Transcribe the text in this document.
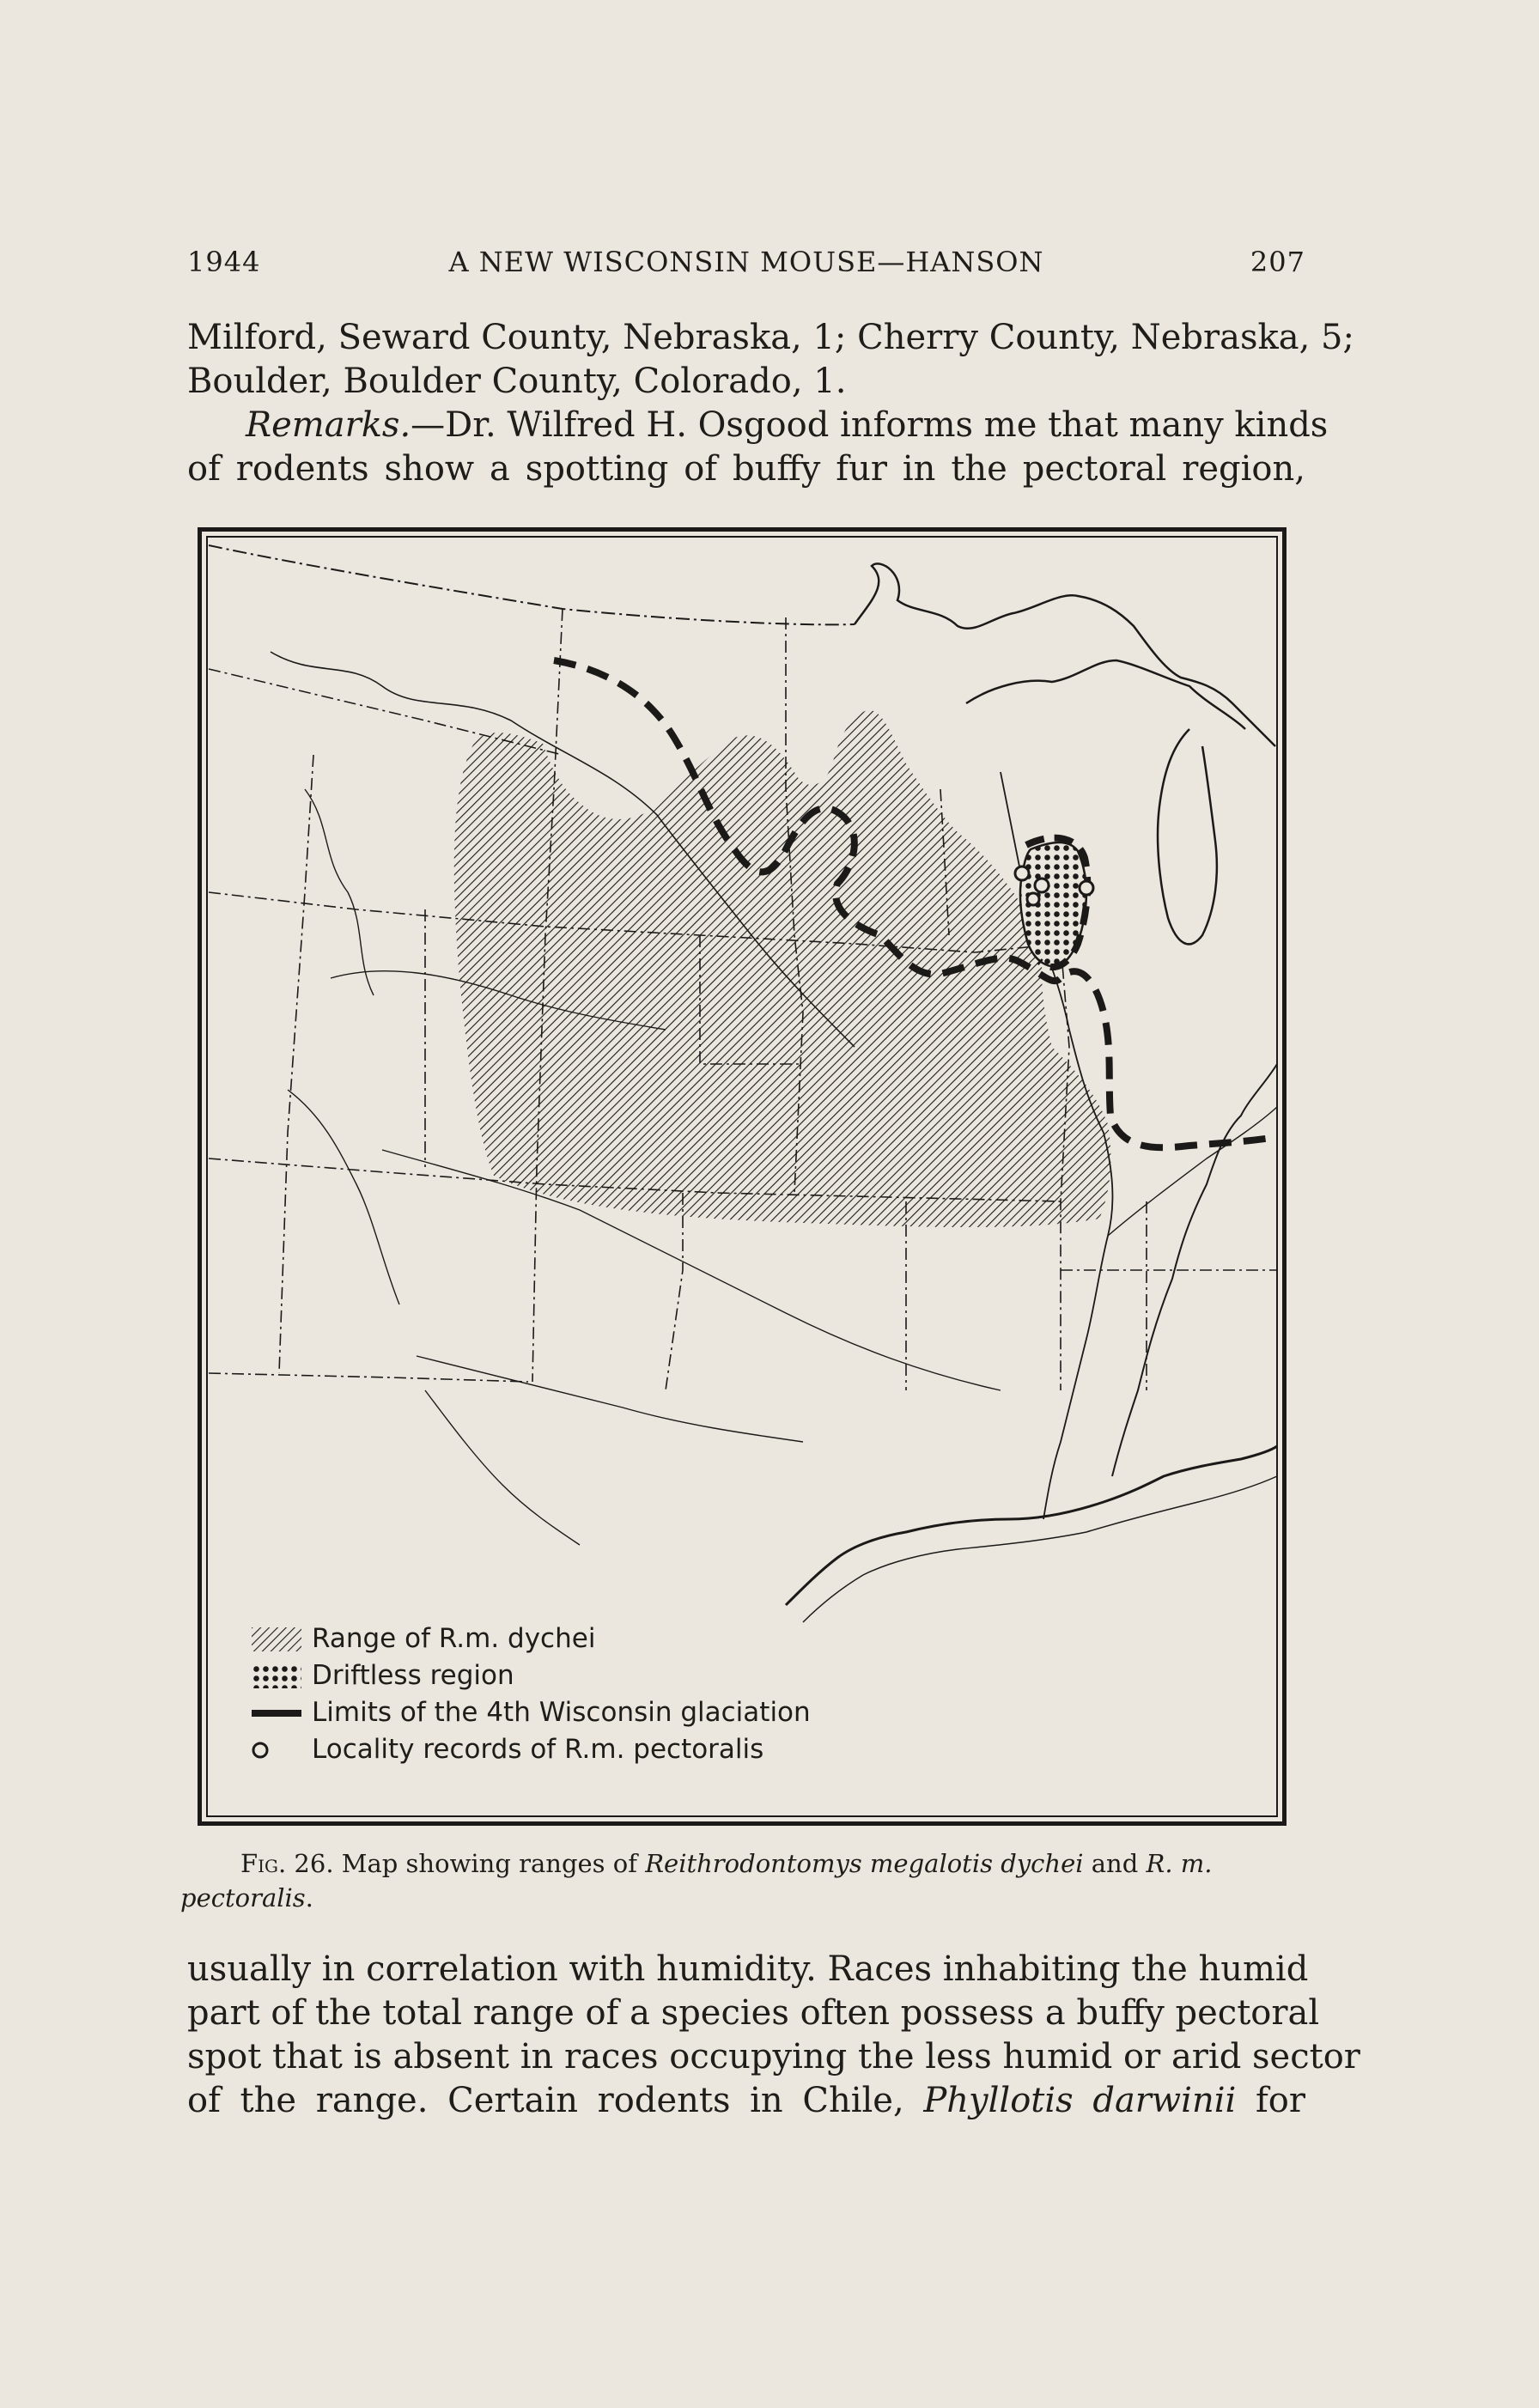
1944	A NEW WISCONSIN MOUSE—HANSON	207
Milford, Seward County, Nebraska, 1; Cherry County, Nebraska, 5;
Boulder, Boulder County, Colorado, 1.
Remarks.—Dr. Wilfred H. Osgood informs me that many kinds
of rodents show a spotting of buffy fur in the pectoral region,
Range of R.m. dychei
Driftless region
Limits of the 4th Wisconsin glaciation
Locality records of R.m. pectoralis
Fig. 26. Map showing ranges of Reithrodontomys megalotis dychei and R. m.
pectoralis.
usually in correlation with humidity. Races inhabiting the humid
part of the total range of a species often possess a buffy pectoral
spot that is absent in races occupying the less humid or arid sector
of the range. Certain rodents in Chile, Phyllotis darwinii for
